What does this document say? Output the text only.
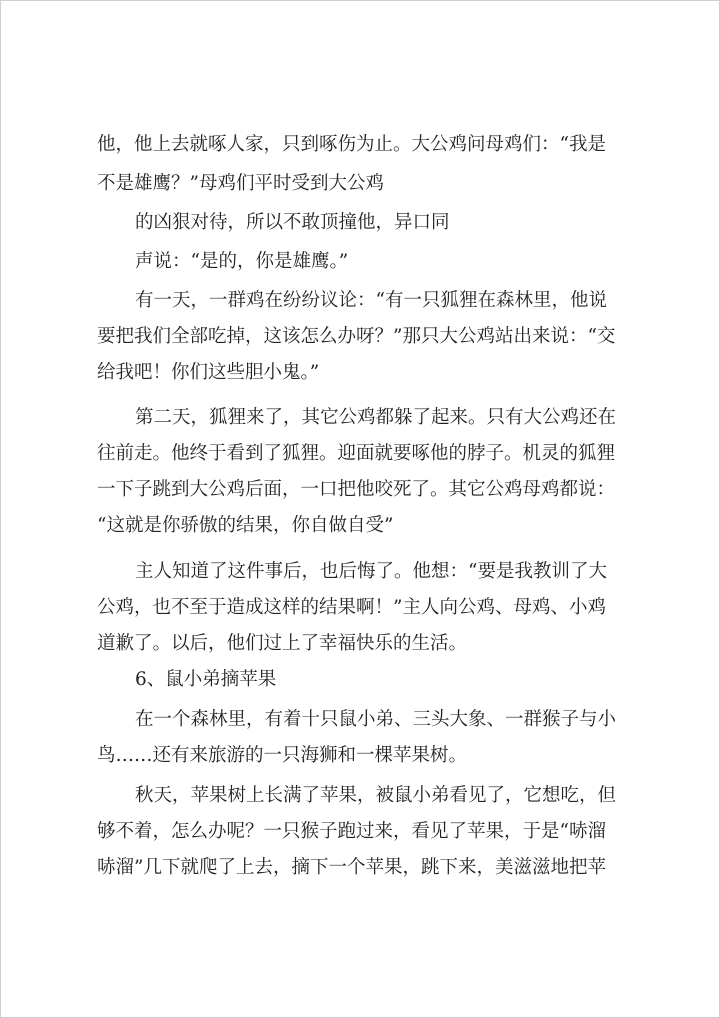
他，他上去就啄人家，只到啄伤为止。大公鸡问母鸡们：“我是
不是雄鹰？”母鸡们平时受到大公鸡
的凶狠对待，所以不敢顶撞他，异口同
声说：“是的，你是雄鹰。”
有一天，一群鸡在纷纷议论：“有一只狐狸在森林里，他说
要把我们全部吃掉，这该怎么办呀？”那只大公鸡站出来说：“交
给我吧！你们这些胆小鬼。”
第二天，狐狸来了，其它公鸡都躲了起来。只有大公鸡还在
往前走。他终于看到了狐狸。迎面就要啄他的脖子。机灵的狐狸
一下子跳到大公鸡后面，一口把他咬死了。其它公鸡母鸡都说：
“这就是你骄傲的结果，你自做自受”
主人知道了这件事后，也后悔了。他想：“要是我教训了大
公鸡，也不至于造成这样的结果啊！”主人向公鸡、母鸡、小鸡
道歉了。以后，他们过上了幸福快乐的生活。
6、鼠小弟摘苹果
在一个森林里，有着十只鼠小弟、三头大象、一群猴子与小
鸟……还有来旅游的一只海狮和一棵苹果树。
秋天，苹果树上长满了苹果，被鼠小弟看见了，它想吃，但
够不着，怎么办呢？一只猴子跑过来，看见了苹果，于是“哧溜
哧溜”几下就爬了上去，摘下一个苹果，跳下来，美滋滋地把苹
